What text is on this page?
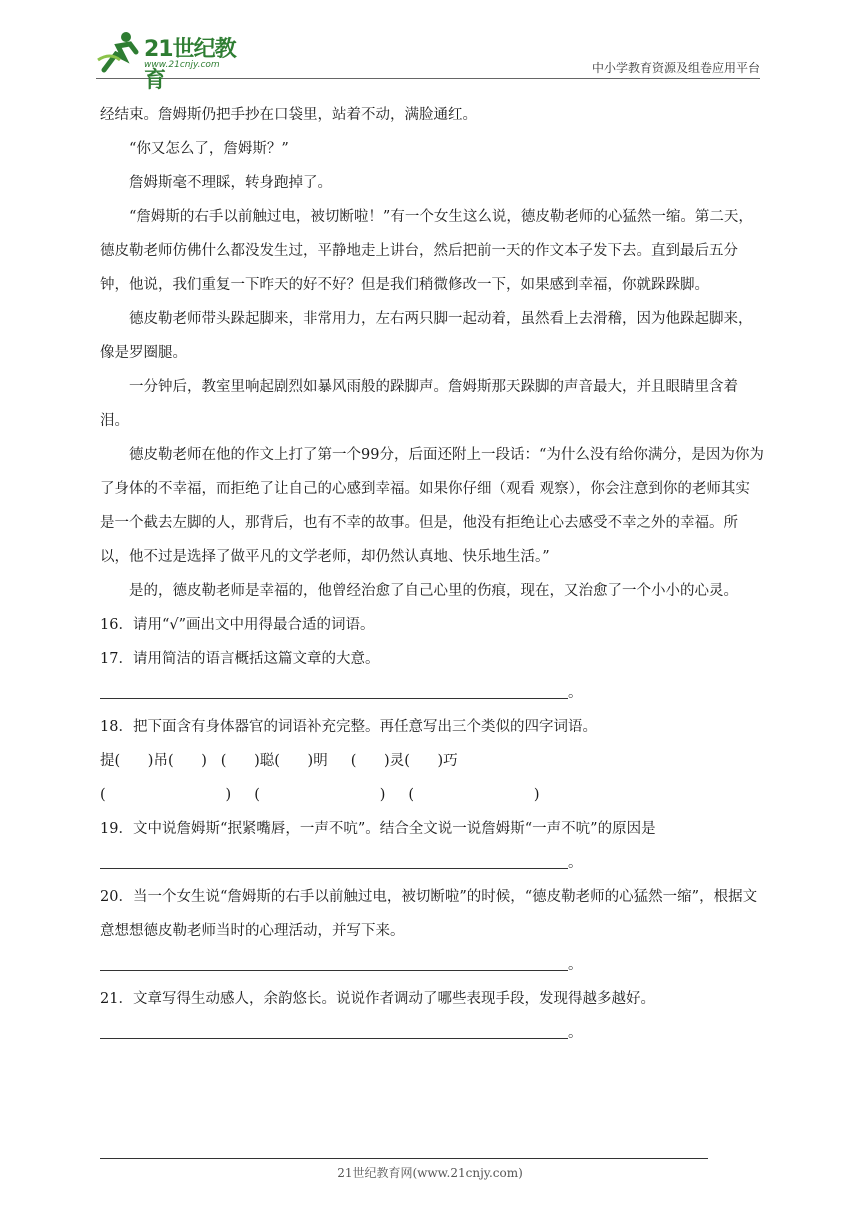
21世纪教育
www.21cnjy.com	中小学教育资源及组卷应用平台

经结束。詹姆斯仍把手抄在口袋里，站着不动，满脸通红。

“你又怎么了，詹姆斯？”

詹姆斯毫不理睬，转身跑掉了。

“詹姆斯的右手以前触过电，被切断啦！”有一个女生这么说，德皮勒老师的心猛然一缩。第二天，德皮勒老师仿佛什么都没发生过，平静地走上讲台，然后把前一天的作文本子发下去。直到最后五分钟，他说，我们重复一下昨天的好不好？但是我们稍微修改一下，如果感到幸福，你就跺跺脚。

德皮勒老师带头跺起脚来，非常用力，左右两只脚一起动着，虽然看上去滑稽，因为他跺起脚来，像是罗圈腿。

一分钟后，教室里响起剧烈如暴风雨般的跺脚声。詹姆斯那天跺脚的声音最大，并且眼睛里含着泪。

德皮勒老师在他的作文上打了第一个99分，后面还附上一段话：“为什么没有给你满分，是因为你为了身体的不幸福，而拒绝了让自己的心感到幸福。如果你仔细（观看 观察），你会注意到你的老师其实是一个截去左脚的人，那背后，也有不幸的故事。但是，他没有拒绝让心去感受不幸之外的幸福。所以，他不过是选择了做平凡的文学老师，却仍然认真地、快乐地生活。”

是的，德皮勒老师是幸福的，他曾经治愈了自己心里的伤痕，现在，又治愈了一个小小的心灵。

16．请用“√”画出文中用得最合适的词语。

17．请用简洁的语言概括这篇文章的大意。

。

18．把下面含有身体器官的词语补充完整。再任意写出三个类似的四字词语。

提(      )吊(      )   (      )聪(      )明     (      )灵(      )巧

(                          )     (                          )     (                          )

19．文中说詹姆斯“抿紧嘴唇，一声不吭”。结合全文说一说詹姆斯“一声不吭”的原因是

。

20．当一个女生说“詹姆斯的右手以前触过电，被切断啦”的时候，“德皮勒老师的心猛然一缩”，根据文意想想德皮勒老师当时的心理活动，并写下来。

。

21．文章写得生动感人，余韵悠长。说说作者调动了哪些表现手段，发现得越多越好。

。
21世纪教育网(www.21cnjy.com)
